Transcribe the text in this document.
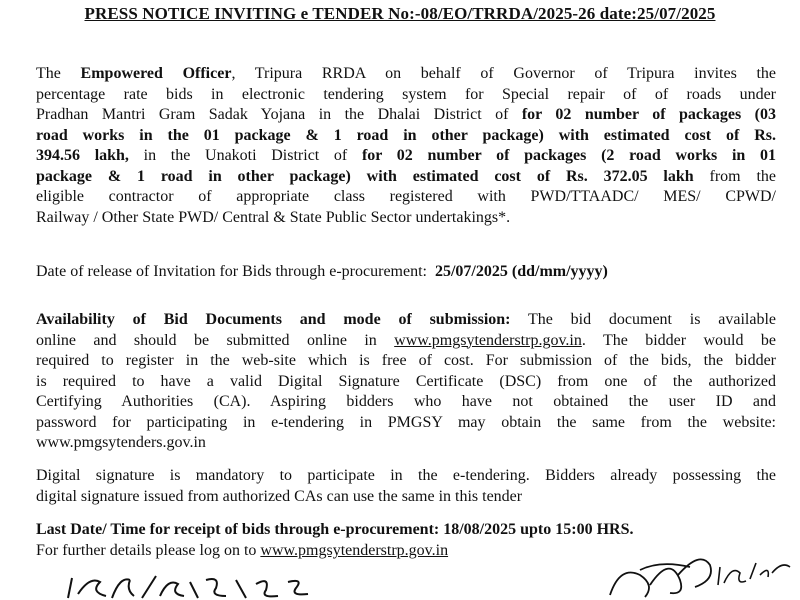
PRESS NOTICE INVITING e TENDER No:-08/EO/TRRDA/2025-26 date:25/07/2025
The Empowered Officer, Tripura RRDA on behalf of Governor of Tripura invites the
percentage rate bids in electronic tendering system for Special repair of of roads under
Pradhan Mantri Gram Sadak Yojana in the Dhalai District of for 02 number of packages (03
road works in the 01 package & 1 road in other package) with estimated cost of Rs.
394.56 lakh, in the Unakoti District of for 02 number of packages (2 road works in 01
package & 1 road in other package) with estimated cost of Rs. 372.05 lakh from the
eligible contractor of appropriate class registered with PWD/TTAADC/ MES/ CPWD/
Railway / Other State PWD/ Central & State Public Sector undertakings*.
Date of release of Invitation for Bids through e-procurement: 25/07/2025 (dd/mm/yyyy)
Availability of Bid Documents and mode of submission: The bid document is available
online and should be submitted online in www.pmgsytenderstrp.gov.in. The bidder would be
required to register in the web-site which is free of cost. For submission of the bids, the bidder
is required to have a valid Digital Signature Certificate (DSC) from one of the authorized
Certifying Authorities (CA). Aspiring bidders who have not obtained the user ID and
password for participating in e-tendering in PMGSY may obtain the same from the website:
www.pmgsytenders.gov.in
Digital signature is mandatory to participate in the e-tendering. Bidders already possessing the
digital signature issued from authorized CAs can use the same in this tender
Last Date/ Time for receipt of bids through e-procurement: 18/08/2025 upto 15:00 HRS.
For further details please log on to www.pmgsytenderstrp.gov.in
